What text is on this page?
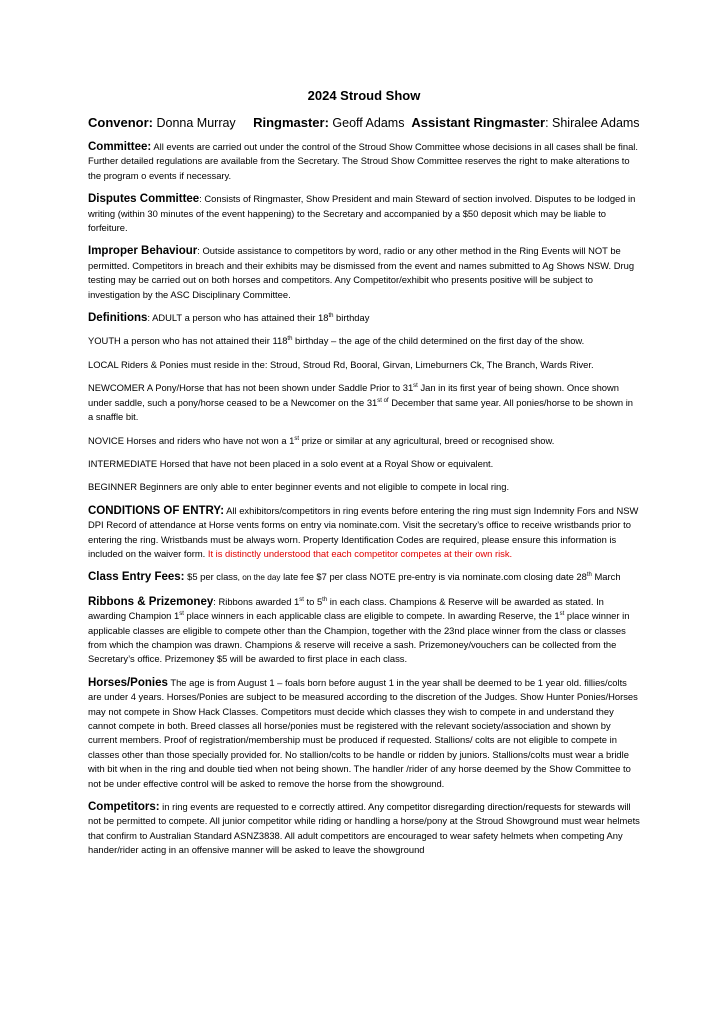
2024 Stroud Show
Convenor: Donna Murray Ringmaster: Geoff Adams Assistant Ringmaster: Shiralee Adams

Committee: All events are carried out under the control of the Stroud Show Committee whose decisions in all cases shall be final. Further detailed regulations are available from the Secretary. The Stroud Show Committee reserves the right to make alterations to the program o events if necessary.

Disputes Committee: Consists of Ringmaster, Show President and main Steward of section involved. Disputes to be lodged in writing (within 30 minutes of the event happening) to the Secretary and accompanied by a $50 deposit which may be liable to forfeiture.

Improper Behaviour: Outside assistance to competitors by word, radio or any other method in the Ring Events will NOT be permitted. Competitors in breach and their exhibits may be dismissed from the event and names submitted to Ag Shows NSW. Drug testing may be carried out on both horses and competitors. Any Competitor/exhibit who presents positive will be subject to investigation by the ASC Disciplinary Committee.

Definitions: ADULT a person who has attained their 18th birthday

YOUTH a person who has not attained their 118th birthday – the age of the child determined on the first day of the show.

LOCAL Riders & Ponies must reside in the: Stroud, Stroud Rd, Booral, Girvan, Limeburners Ck, The Branch, Wards River.

NEWCOMER A Pony/Horse that has not been shown under Saddle Prior to 31st Jan in its first year of being shown. Once shown under saddle, such a pony/horse ceased to be a Newcomer on the $31^{st of}$ December that same year. All ponies/horse to be shown in a snaffle bit.

NOVICE Horses and riders who have not won a 1st prize or similar at any agricultural, breed or recognised show.

INTERMEDIATE Horsed that have not been placed in a solo event at a Royal Show or equivalent.

BEGINNER Beginners are only able to enter beginner events and not eligible to compete in local ring.

CONDITIONS OF ENTRY: All exhibitors/competitors in ring events before entering the ring must sign Indemnity Fors and NSW DPI Record of attendance at Horse vents forms on entry via nominate.com. Visit the secretary’s office to receive wristbands prior to entering the ring. Wristbands must be always worn. Property Identification Codes are required, please ensure this information is included on the waiver form. It is distinctly understood that each competitor competes at their own risk.

Class Entry Fees: $5 per class, on the day late fee $7 per class NOTE pre-entry is via nominate.com closing date 28th March

Ribbons & Prizemoney: Ribbons awarded 1st to 5th in each class. Champions & Reserve will be awarded as stated. In awarding Champion 1st place winners in each applicable class are eligible to compete. In awarding Reserve, the 1st place winner in applicable classes are eligible to compete other than the Champion, together with the 23nd place winner from the class or classes from which the champion was drawn. Champions & reserve will receive a sash. Prizemoney/vouchers can be collected from the Secretary’s office. Prizemoney $5 will be awarded to first place in each class.

Horses/Ponies The age is from August 1 – foals born before august 1 in the year shall be deemed to be 1 year old. fillies/colts are under 4 years. Horses/Ponies are subject to be measured according to the discretion of the Judges. Show Hunter Ponies/Horses may not compete in Show Hack Classes. Competitors must decide which classes they wish to compete in and understand they cannot compete in both. Breed classes all horse/ponies must be registered with the relevant society/association and shown by current members. Proof of registration/membership must be produced if requested. Stallions/ colts are not eligible to compete in classes other than those specially provided for. No stallion/colts to be handle or ridden by juniors. Stallions/colts must wear a bridle with bit when in the ring and double tied when not being shown. The handler /rider of any horse deemed by the Show Committee to not be under effective control will be asked to remove the horse from the showground.

Competitors: in ring events are requested to e correctly attired. Any competitor disregarding direction/requests for stewards will not be permitted to compete. All junior competitor while riding or handling a horse/pony at the Stroud Showground must wear helmets that confirm to Australian Standard ASNZ3838. All adult competitors are encouraged to wear safety helmets when competing Any hander/rider acting in an offensive manner will be asked to leave the showground
